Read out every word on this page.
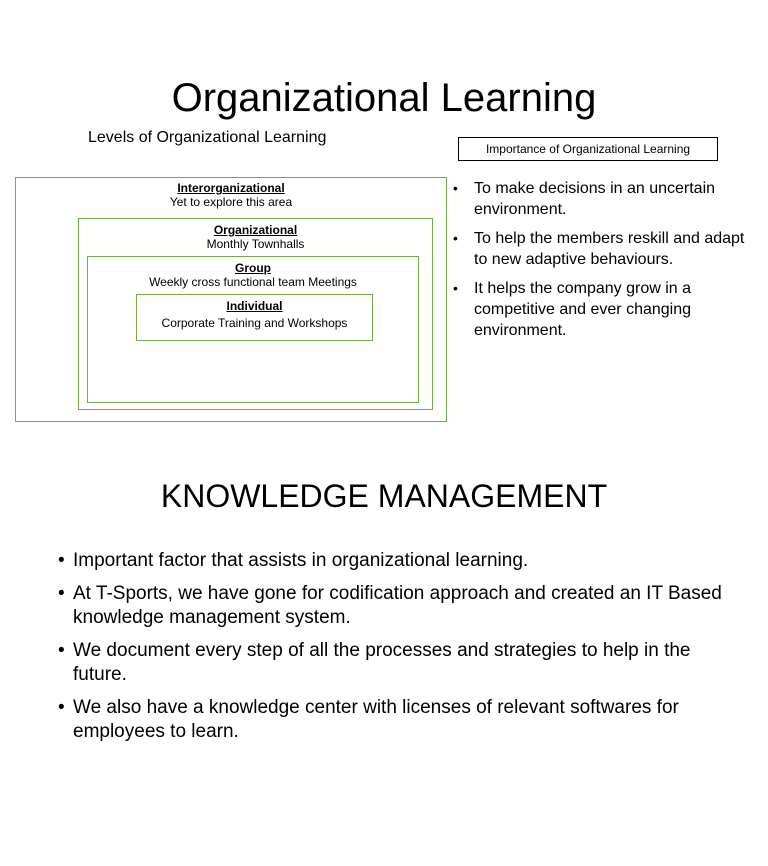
Organizational Learning
Levels of Organizational Learning
Importance of Organizational Learning
Interorganizational
Yet to explore this area
Organizational
Monthly Townhalls
Group
Weekly cross functional team Meetings
Individual
Corporate Training and Workshops
• To make decisions in an uncertain environment.
• To help the members reskill and adapt to new adaptive behaviours.
• It helps the company grow in a competitive and ever changing environment.
KNOWLEDGE MANAGEMENT
• Important factor that assists in organizational learning.
• At T-Sports, we have gone for codification approach and created an IT Based knowledge management system.
• We document every step of all the processes and strategies to help in the future.
• We also have a knowledge center with licenses of relevant softwares for employees to learn.
